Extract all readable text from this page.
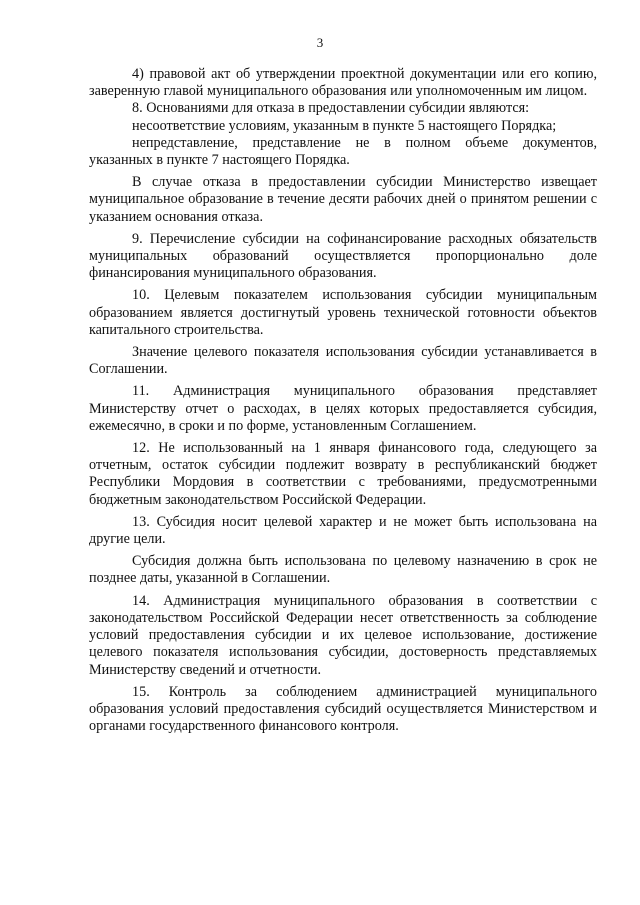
3

4) правовой акт об утверждении проектной документации или его копию, заверенную главой муниципального образования или уполномоченным им лицом.

8. Основаниями для отказа в предоставлении субсидии являются:

несоответствие условиям, указанным в пункте 5 настоящего Порядка;

непредставление, представление не в полном объеме документов, указанных в пункте 7 настоящего Порядка.

В случае отказа в предоставлении субсидии Министерство извещает муниципальное образование в течение десяти рабочих дней о принятом решении с указанием основания отказа.

9. Перечисление субсидии на софинансирование расходных обязательств муниципальных образований осуществляется пропорционально доле финансирования муниципального образования.

10. Целевым показателем использования субсидии муниципальным образованием является достигнутый уровень технической готовности объектов капитального строительства.

Значение целевого показателя использования субсидии устанавливается в Соглашении.

11. Администрация муниципального образования представляет Министерству отчет о расходах, в целях которых предоставляется субсидия, ежемесячно, в сроки и по форме, установленным Соглашением.

12. Не использованный на 1 января финансового года, следующего за отчетным, остаток субсидии подлежит возврату в республиканский бюджет Республики Мордовия в соответствии с требованиями, предусмотренными бюджетным законодательством Российской Федерации.

13. Субсидия носит целевой характер и не может быть использована на другие цели.

Субсидия должна быть использована по целевому назначению в срок не позднее даты, указанной в Соглашении.

14. Администрация муниципального образования в соответствии с законодательством Российской Федерации несет ответственность за соблюдение условий предоставления субсидии и их целевое использование, достижение целевого показателя использования субсидии, достоверность представляемых Министерству сведений и отчетности.

15. Контроль за соблюдением администрацией муниципального образования условий предоставления субсидий осуществляется Министерством и органами государственного финансового контроля.
